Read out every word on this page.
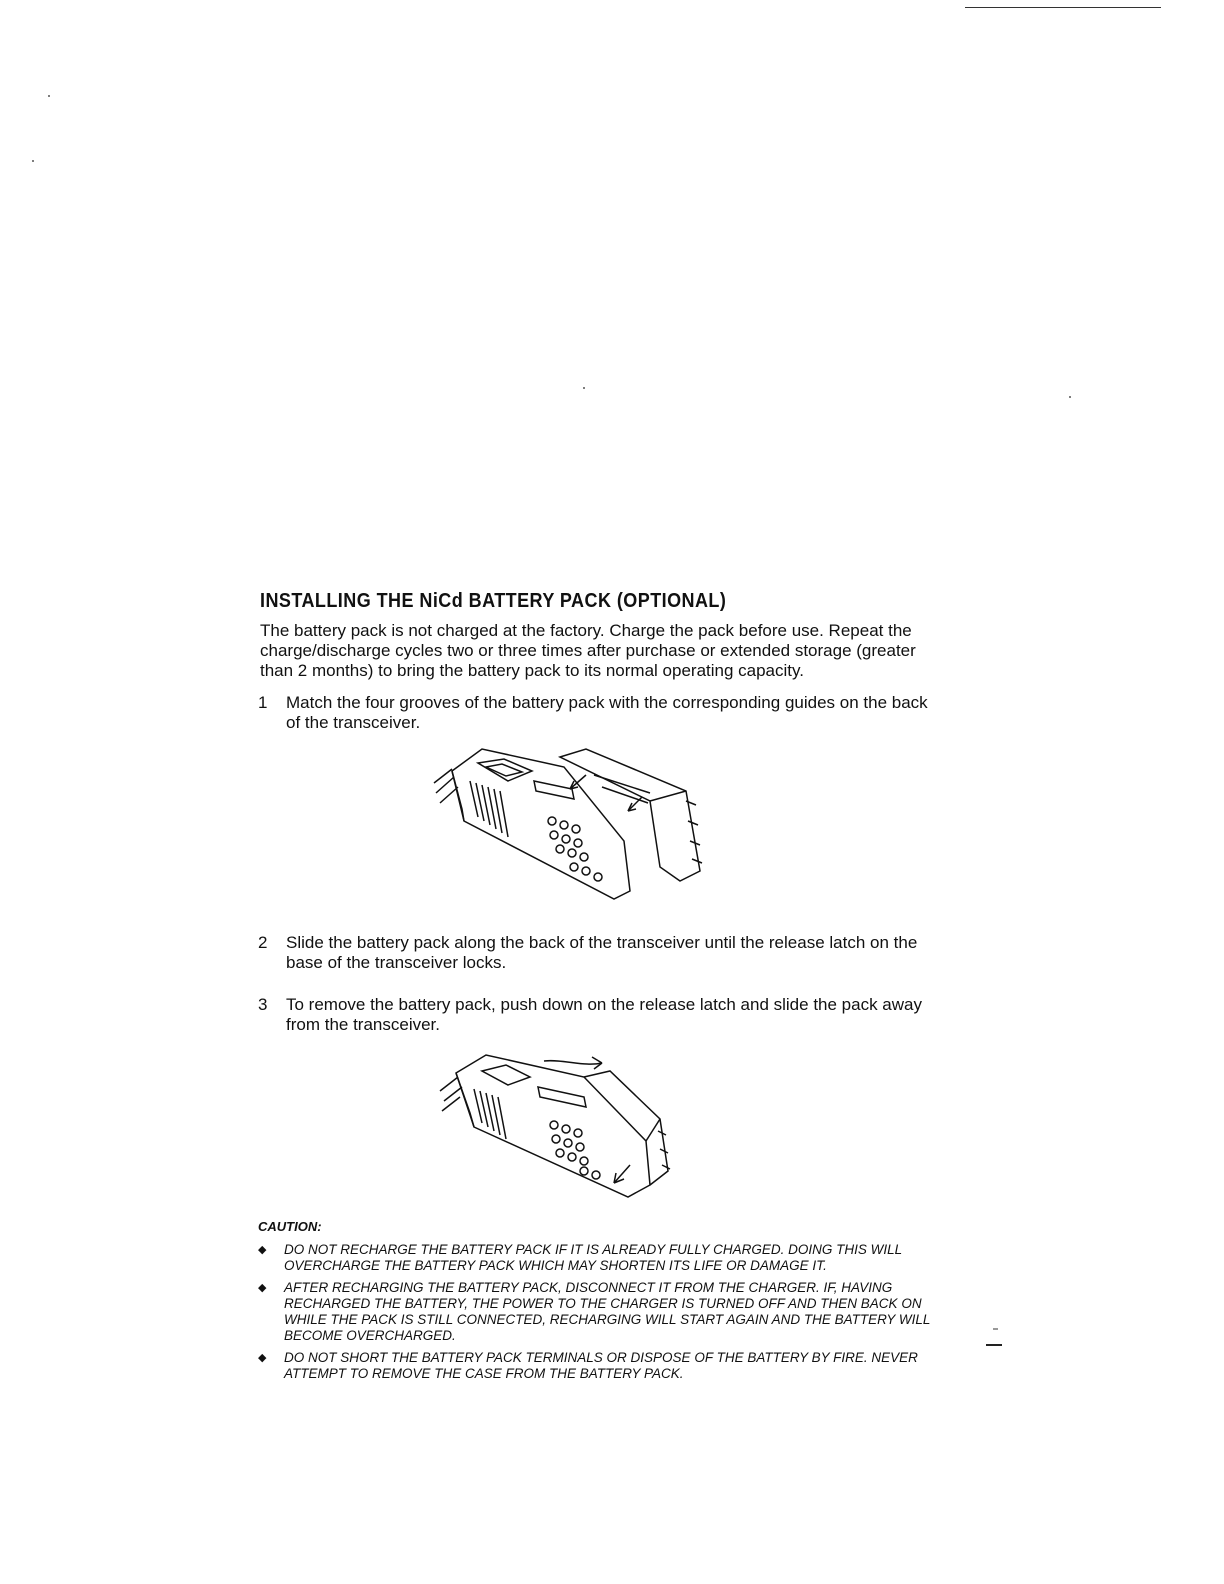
INSTALLING THE NiCd BATTERY PACK (OPTIONAL)

The battery pack is not charged at the factory. Charge the pack before use. Repeat the charge/discharge cycles two or three times after purchase or extended storage (greater than 2 months) to bring the battery pack to its normal operating capacity.

1 Match the four grooves of the battery pack with the corresponding guides on the back of the transceiver.
2 Slide the battery pack along the back of the transceiver until the release latch on the base of the transceiver locks.
3 To remove the battery pack, push down on the release latch and slide the pack away from the transceiver.

CAUTION:

◆ DO NOT RECHARGE THE BATTERY PACK IF IT IS ALREADY FULLY CHARGED. DOING THIS WILL OVERCHARGE THE BATTERY PACK WHICH MAY SHORTEN ITS LIFE OR DAMAGE IT.
◆ AFTER RECHARGING THE BATTERY PACK, DISCONNECT IT FROM THE CHARGER. IF, HAVING RECHARGED THE BATTERY, THE POWER TO THE CHARGER IS TURNED OFF AND THEN BACK ON WHILE THE PACK IS STILL CONNECTED, RECHARGING WILL START AGAIN AND THE BATTERY WILL BECOME OVERCHARGED.
◆ DO NOT SHORT THE BATTERY PACK TERMINALS OR DISPOSE OF THE BATTERY BY FIRE. NEVER ATTEMPT TO REMOVE THE CASE FROM THE BATTERY PACK.
